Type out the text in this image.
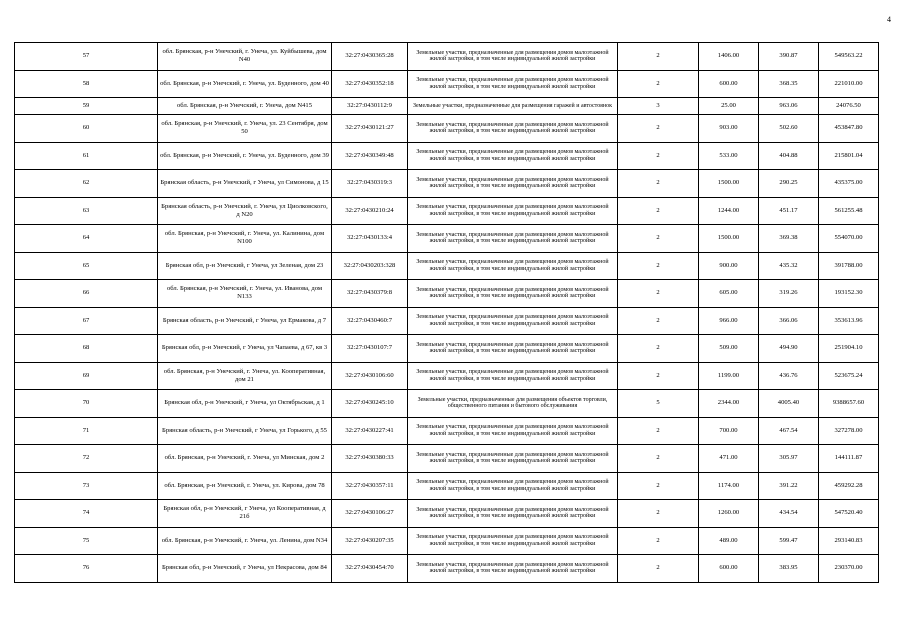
4
57	обл. Брянская, р-н Унечский, г. Унеча, ул. Куйбышева, дом N40	32:27:0430365:28	Земельные участки, предназначенные для размещения домов малоэтажной жилой застройки, в том числе индивидуальной жилой застройки	2	1406.00	390.87	549563.22
58	обл. Брянская, р-н Унечский, г. Унеча, ул. Буденного, дом 40	32:27:0430352:18	Земельные участки, предназначенные для размещения домов малоэтажной жилой застройки, в том числе индивидуальной жилой застройки	2	600.00	368.35	221010.00
59	обл. Брянская, р-н Унечский, г. Унеча, дом N415	32:27:0430112:9	Земельные участки, предназначенные для размещения гаражей и автостоянок	3	25.00	963.06	24076.50
60	обл. Брянская, р-н Унечский, г. Унеча, ул. 23 Сентября, дом 50	32:27:0430121:27	Земельные участки, предназначенные для размещения домов малоэтажной жилой застройки, в том числе индивидуальной жилой застройки	2	903.00	502.60	453847.80
61	обл. Брянская, р-н Унечский, г. Унеча, ул. Буденного, дом 39	32:27:0430349:48	Земельные участки, предназначенные для размещения домов малоэтажной жилой застройки, в том числе индивидуальной жилой застройки	2	533.00	404.88	215801.04
62	Брянская область, р-н Унечский, г Унеча, ул Симонова, д 15	32:27:0430319:3	Земельные участки, предназначенные для размещения домов малоэтажной жилой застройки, в том числе индивидуальной жилой застройки	2	1500.00	290.25	435375.00
63	Брянская область, р-н Унечский, г. Унеча, ул Циолковского, д N20	32:27:0430210:24	Земельные участки, предназначенные для размещения домов малоэтажной жилой застройки, в том числе индивидуальной жилой застройки	2	1244.00	451.17	561255.48
64	обл. Брянская, р-н Унечский, г. Унеча, ул. Калинина, дом N100	32:27:0430133:4	Земельные участки, предназначенные для размещения домов малоэтажной жилой застройки, в том числе индивидуальной жилой застройки	2	1500.00	369.38	554070.00
65	Брянская обл, р-н Унечский, г Унеча, ул Зеленая, дом 23	32:27:0430203:328	Земельные участки, предназначенные для размещения домов малоэтажной жилой застройки, в том числе индивидуальной жилой застройки	2	900.00	435.32	391788.00
66	обл. Брянская, р-н Унечский, г. Унеча, ул. Иванова, дом N133	32:27:0430379:8	Земельные участки, предназначенные для размещения домов малоэтажной жилой застройки, в том числе индивидуальной жилой застройки	2	605.00	319.26	193152.30
67	Брянская область, р-н Унечский, г Унеча, ул Ермакова, д 7	32:27:0430460:7	Земельные участки, предназначенные для размещения домов малоэтажной жилой застройки, в том числе индивидуальной жилой застройки	2	966.00	366.06	353613.96
68	Брянская обл, р-н Унечский, г Унеча, ул Чапаева, д 67, кв 3	32:27:0430107:7	Земельные участки, предназначенные для размещения домов малоэтажной жилой застройки, в том числе индивидуальной жилой застройки	2	509.00	494.90	251904.10
69	обл. Брянская, р-н Унечский, г. Унеча, ул. Кооперативная, дом 21	32:27:0430106:60	Земельные участки, предназначенные для размещения домов малоэтажной жилой застройки, в том числе индивидуальной жилой застройки	2	1199.00	436.76	523675.24
70	Брянская обл, р-н Унечский, г Унеча, ул Октябрьская, д 1	32:27:0430245:10	Земельные участки, предназначенные для размещения объектов торговли, общественного питания и бытового обслуживания	5	2344.00	4005.40	9388657.60
71	Брянская область, р-н Унечский, г Унеча, ул Горького, д 55	32:27:0430227:41	Земельные участки, предназначенные для размещения домов малоэтажной жилой застройки, в том числе индивидуальной жилой застройки	2	700.00	467.54	327278.00
72	обл. Брянская, р-н Унечский, г. Унеча, ул Минская, дом 2	32:27:0430380:33	Земельные участки, предназначенные для размещения домов малоэтажной жилой застройки, в том числе индивидуальной жилой застройки	2	471.00	305.97	144111.87
73	обл. Брянская, р-н Унечский, г. Унеча, ул. Кирова, дом 78	32:27:0430357:11	Земельные участки, предназначенные для размещения домов малоэтажной жилой застройки, в том числе индивидуальной жилой застройки	2	1174.00	391.22	459292.28
74	Брянская обл, р-н Унечский, г Унеча, ул Кооперативная, д 21б	32:27:0430106:27	Земельные участки, предназначенные для размещения домов малоэтажной жилой застройки, в том числе индивидуальной жилой застройки	2	1260.00	434.54	547520.40
75	обл. Брянская, р-н Унечский, г. Унеча, ул. Ленина, дом N34	32:27:0430207:35	Земельные участки, предназначенные для размещения домов малоэтажной жилой застройки, в том числе индивидуальной жилой застройки	2	489.00	599.47	293140.83
76	Брянская обл, р-н Унечский, г Унеча, ул Некрасова, дом 84	32:27:0430454:70	Земельные участки, предназначенные для размещения домов малоэтажной жилой застройки, в том числе индивидуальной жилой застройки	2	600.00	383.95	230370.00
